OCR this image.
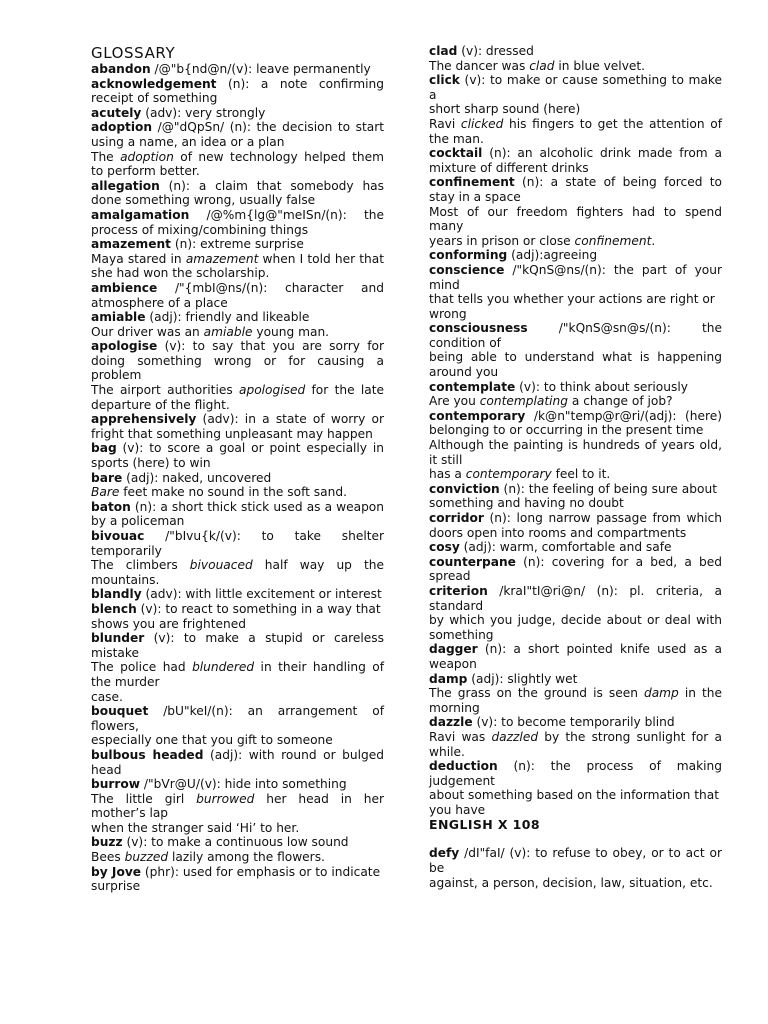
GLOSSARY
abandon /@"b{nd@n/(v): leave permanently
acknowledgement (n): a note confirming receipt of something
acutely (adv): very strongly
adoption /@"dQpSn/ (n): the decision to start using a name, an idea or a plan
The adoption of new technology helped them to perform better.
allegation (n): a claim that somebody has done something wrong, usually false
amalgamation /@%m{lg@"meISn/(n): the process of mixing/combining things
amazement (n): extreme surprise
Maya stared in amazement when I told her that she had won the scholarship.
ambience /"{mbI@ns/(n): character and atmosphere of a place
amiable (adj): friendly and likeable
Our driver was an amiable young man.
apologise (v): to say that you are sorry for doing something wrong or for causing a problem
The airport authorities apologised for the late departure of the flight.
apprehensively (adv): in a state of worry or fright that something unpleasant may happen
bag (v): to score a goal or point especially in sports (here) to win
bare (adj): naked, uncovered
Bare feet make no sound in the soft sand.
baton (n): a short thick stick used as a weapon by a policeman
bivouac /"bIvu{k/(v): to take shelter temporarily
The climbers bivouaced half way up the mountains.
blandly (adv): with little excitement or interest
blench (v): to react to something in a way that
shows you are frightened
blunder (v): to make a stupid or careless mistake
The police had blundered in their handling of the murder
case.
bouquet /bU"keI/(n): an arrangement of flowers,
especially one that you gift to someone
bulbous headed (adj): with round or bulged head
burrow /"bVr@U/(v): hide into something
The little girl burrowed her head in her mother’s lap
when the stranger said ‘Hi’ to her.
buzz (v): to make a continuous low sound
Bees buzzed lazily among the flowers.
by Jove (phr): used for emphasis or to indicate
surprise
clad (v): dressed
The dancer was clad in blue velvet.
click (v): to make or cause something to make a
short sharp sound (here)
Ravi clicked his fingers to get the attention of the man.
cocktail (n): an alcoholic drink made from a mixture of different drinks
confinement (n): a state of being forced to stay in a space
Most of our freedom fighters had to spend many
years in prison or close confinement.
conforming (adj):agreeing
conscience /"kQnS@ns/(n): the part of your mind
that tells you whether your actions are right or
wrong
consciousness /"kQnS@sn@s/(n): the condition of
being able to understand what is happening around you
contemplate (v): to think about seriously
Are you contemplating a change of job?
contemporary /k@n"temp@r@ri/(adj): (here) belonging to or occurring in the present time
Although the painting is hundreds of years old, it still
has a contemporary feel to it.
conviction (n): the feeling of being sure about
something and having no doubt
corridor (n): long narrow passage from which doors open into rooms and compartments
cosy (adj): warm, comfortable and safe
counterpane (n): covering for a bed, a bed spread
criterion /kraI"tI@ri@n/ (n): pl. criteria, a standard
by which you judge, decide about or deal with something
dagger (n): a short pointed knife used as a weapon
damp (adj): slightly wet
The grass on the ground is seen damp in the morning
dazzle (v): to become temporarily blind
Ravi was dazzled by the strong sunlight for a while.
deduction (n): the process of making judgement
about something based on the information that
you have
ENGLISH X 108
defy /dI"faI/ (v): to refuse to obey, or to act or be
against, a person, decision, law, situation, etc.
